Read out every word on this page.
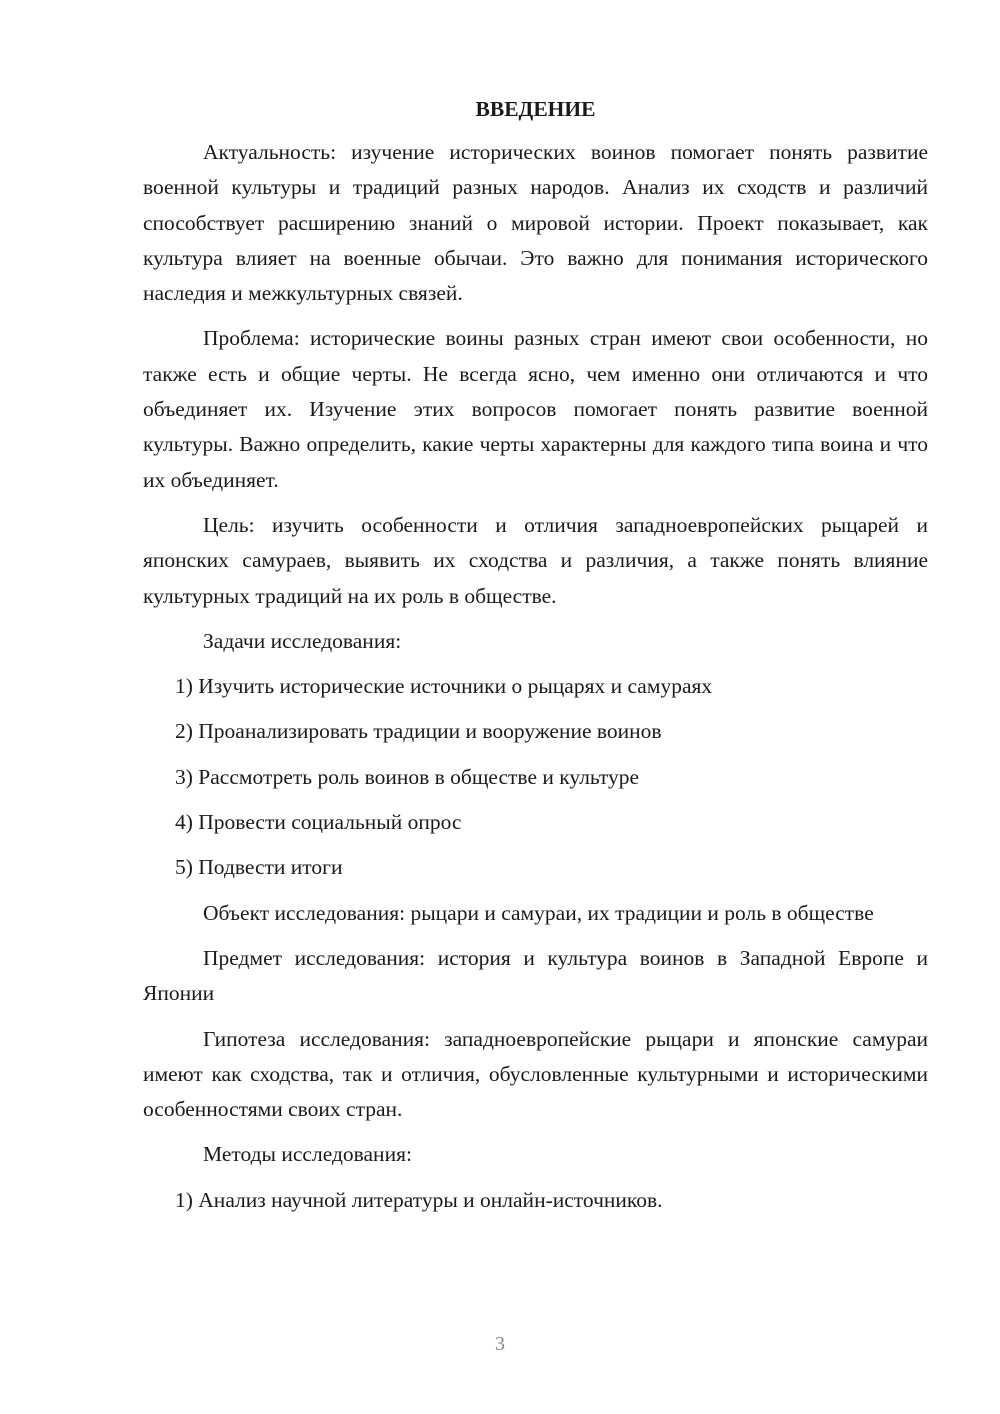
ВВЕДЕНИЕ

Актуальность: изучение исторических воинов помогает понять развитие военной культуры и традиций разных народов. Анализ их сходств и различий способствует расширению знаний о мировой истории. Проект показывает, как культура влияет на военные обычаи. Это важно для понимания исторического наследия и межкультурных связей.

Проблема: исторические воины разных стран имеют свои особенности, но также есть и общие черты. Не всегда ясно, чем именно они отличаются и что объединяет их. Изучение этих вопросов помогает понять развитие военной культуры. Важно определить, какие черты характерны для каждого типа воина и что их объединяет.

Цель: изучить особенности и отличия западноевропейских рыцарей и японских самураев, выявить их сходства и различия, а также понять влияние культурных традиций на их роль в обществе.

Задачи исследования:

1) Изучить исторические источники о рыцарях и самураях

2) Проанализировать традиции и вооружение воинов

3) Рассмотреть роль воинов в обществе и культуре

4) Провести социальный опрос

5) Подвести итоги

Объект исследования: рыцари и самураи, их традиции и роль в обществе

Предмет исследования: история и культура воинов в Западной Европе и Японии

Гипотеза исследования: западноевропейские рыцари и японские самураи имеют как сходства, так и отличия, обусловленные культурными и историческими особенностями своих стран.

Методы исследования:

1) Анализ научной литературы и онлайн-источников.

3
